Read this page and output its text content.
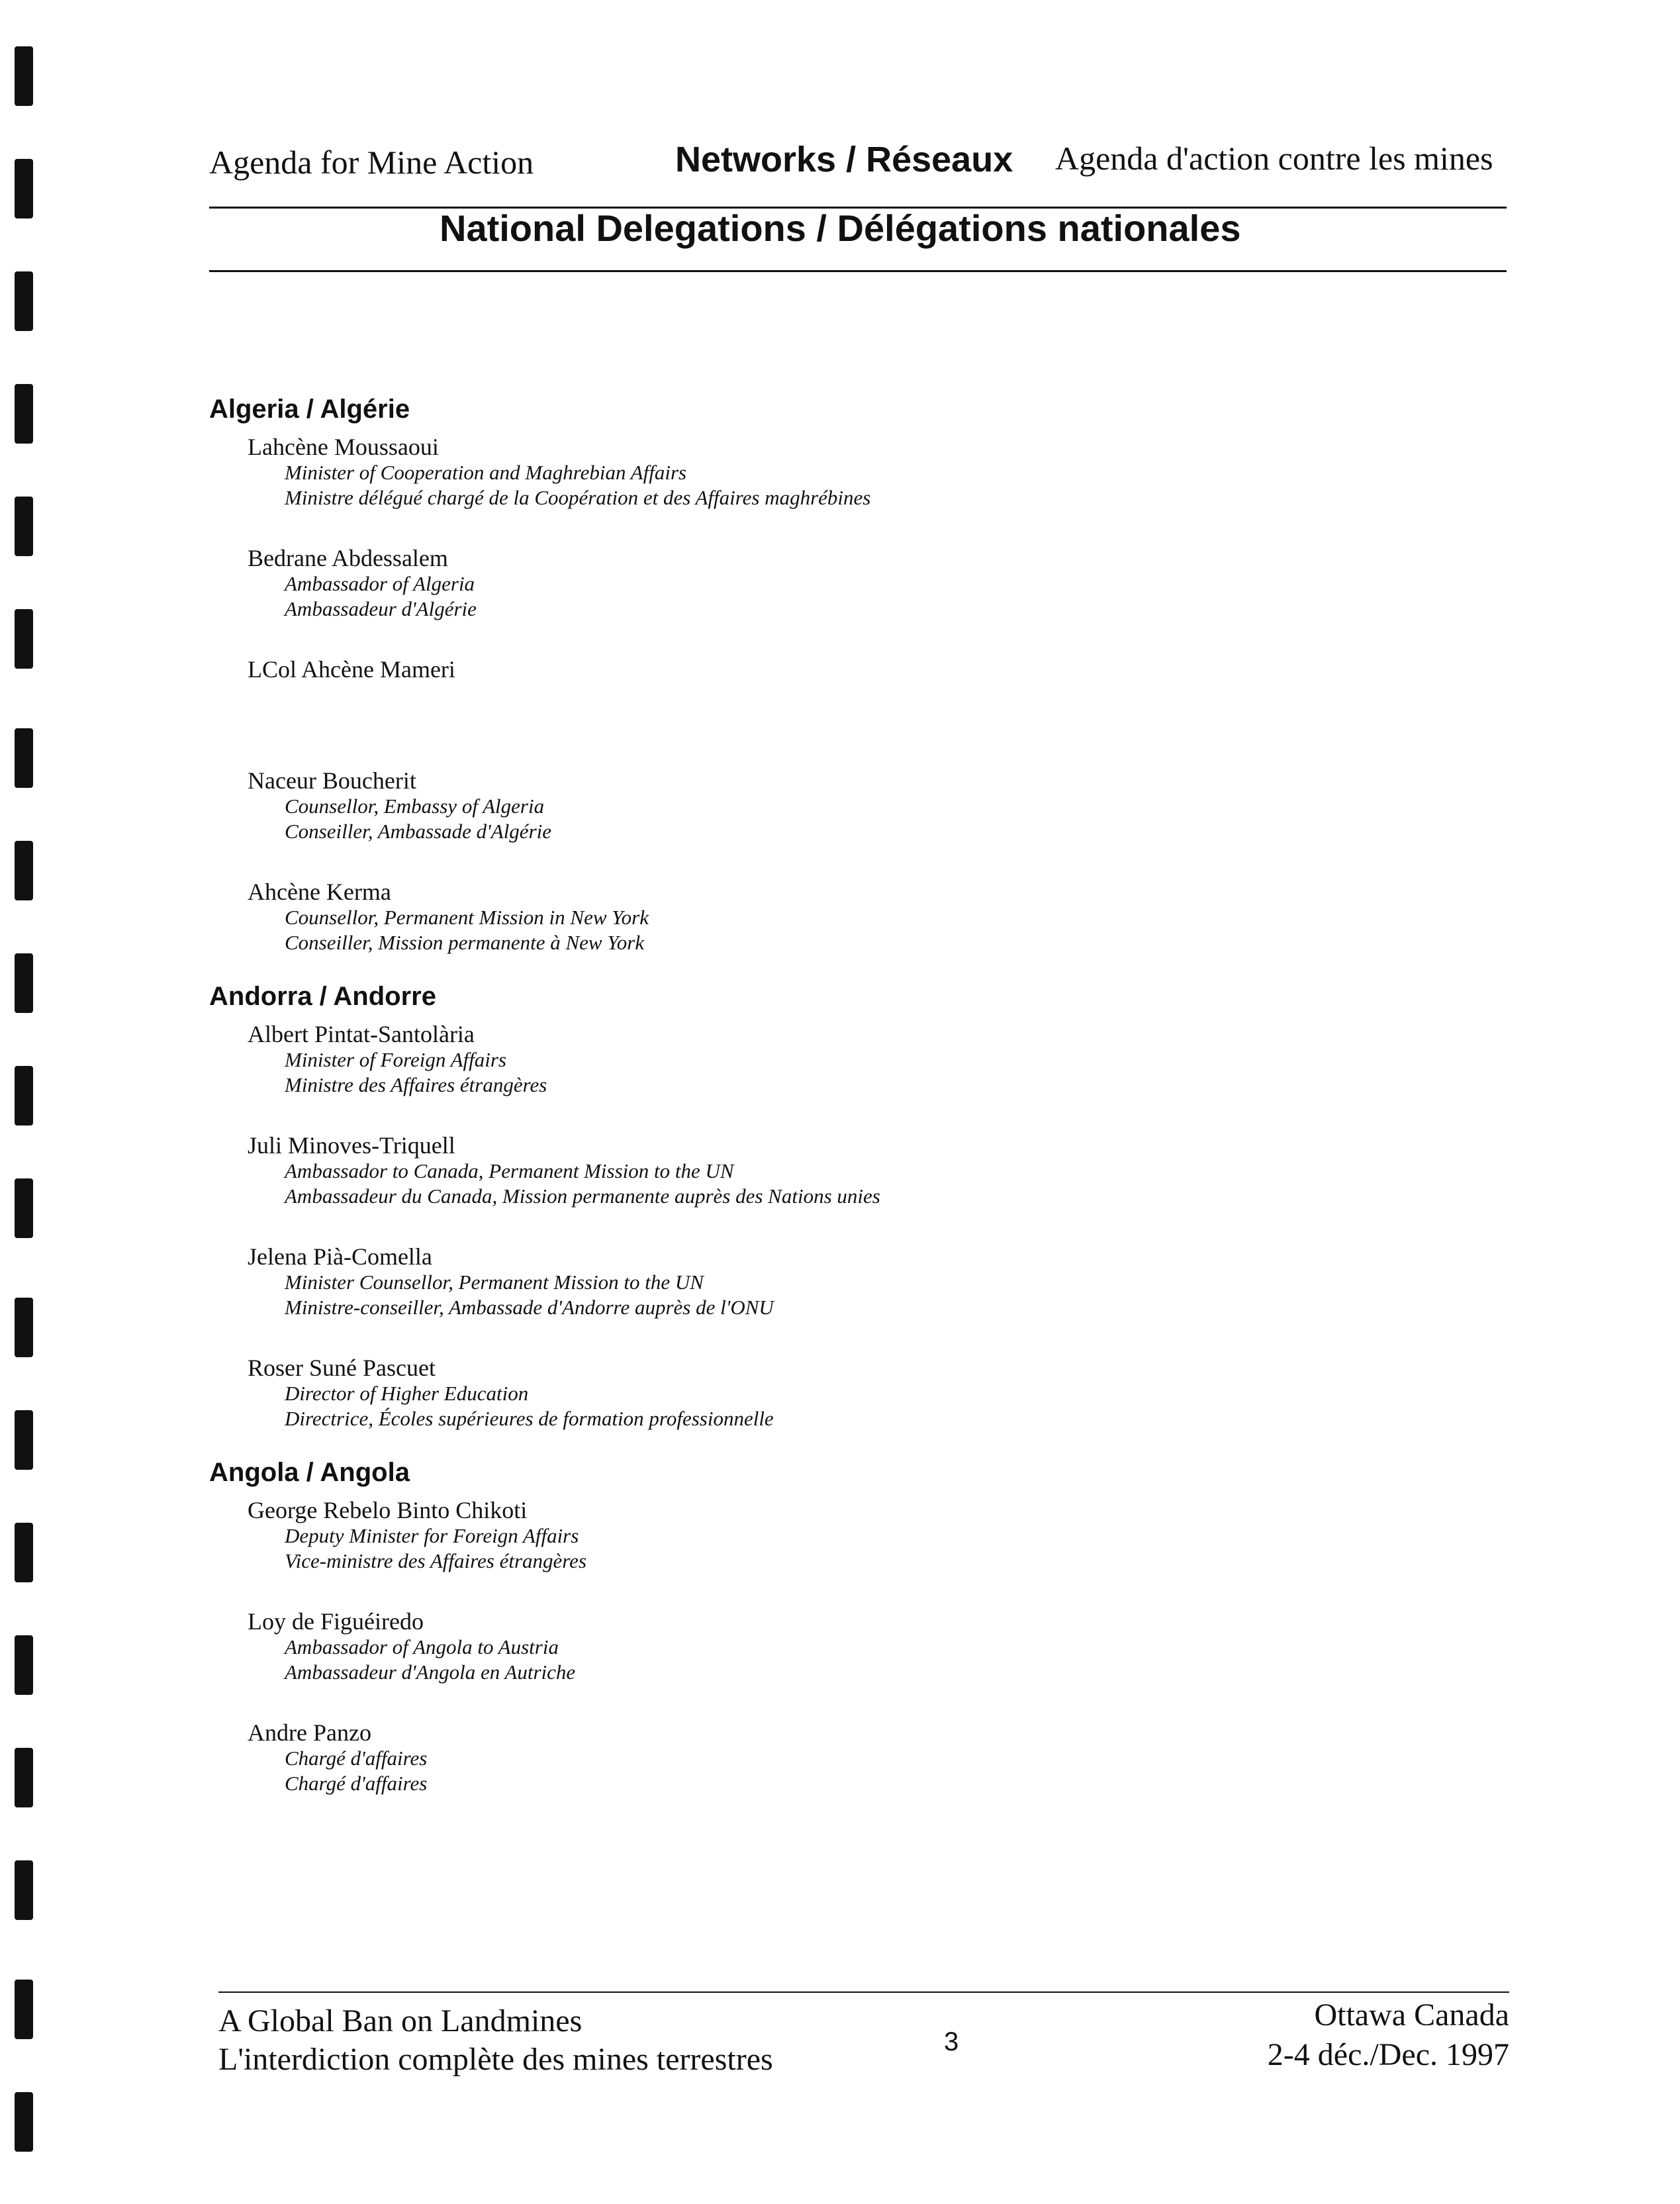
Agenda for Mine Action	Networks / Réseaux Agenda d'action contre les mines
National Delegations / Délégations nationales
Algeria / Algérie
Lahcène Moussaoui
Minister of Cooperation and Maghrebian Affairs
Ministre délégué chargé de la Coopération et des Affaires maghrébines
Bedrane Abdessalem
Ambassador of Algeria
Ambassadeur d'Algérie
LCol Ahcène Mameri
Naceur Boucherit
Counsellor, Embassy of Algeria
Conseiller, Ambassade d'Algérie
Ahcène Kerma
Counsellor, Permanent Mission in New York
Conseiller, Mission permanente à New York
Andorra / Andorre
Albert Pintat-Santolària
Minister of Foreign Affairs
Ministre des Affaires étrangères
Juli Minoves-Triquell
Ambassador to Canada, Permanent Mission to the UN
Ambassadeur du Canada, Mission permanente auprès des Nations unies
Jelena Pià-Comella
Minister Counsellor, Permanent Mission to the UN
Ministre-conseiller, Ambassade d'Andorre auprès de l'ONU
Roser Suné Pascuet
Director of Higher Education
Directrice, Écoles supérieures de formation professionnelle
Angola / Angola
George Rebelo Binto Chikoti
Deputy Minister for Foreign Affairs
Vice-ministre des Affaires étrangères
Loy de Figuéiredo
Ambassador of Angola to Austria
Ambassadeur d'Angola en Autriche
Andre Panzo
Chargé d'affaires
Chargé d'affaires
A Global Ban on Landmines
L'interdiction complète des mines terrestres	3
Ottawa Canada
2-4 déc./Dec. 1997
